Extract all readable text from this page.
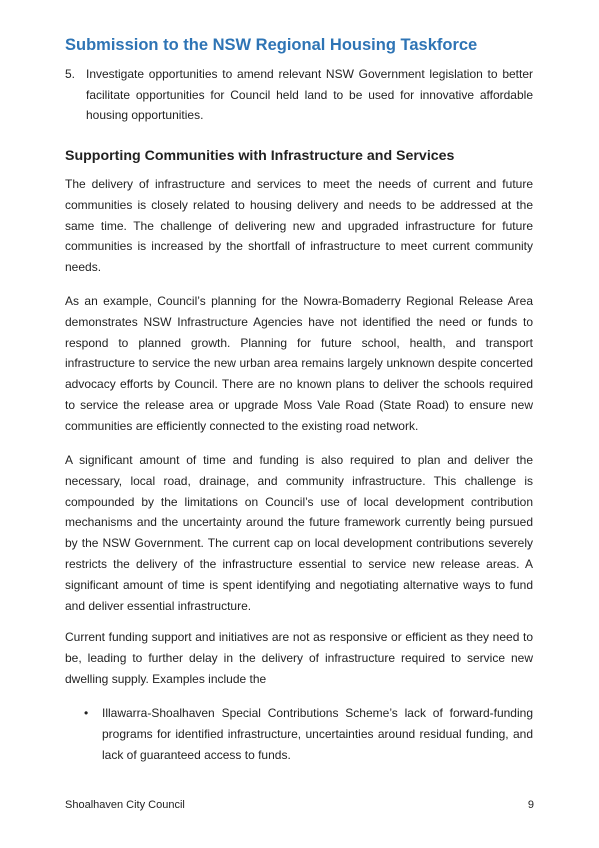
Submission to the NSW Regional Housing Taskforce
5. Investigate opportunities to amend relevant NSW Government legislation to better facilitate opportunities for Council held land to be used for innovative affordable housing opportunities.
Supporting Communities with Infrastructure and Services
The delivery of infrastructure and services to meet the needs of current and future communities is closely related to housing delivery and needs to be addressed at the same time. The challenge of delivering new and upgraded infrastructure for future communities is increased by the shortfall of infrastructure to meet current community needs.
As an example, Council’s planning for the Nowra-Bomaderry Regional Release Area demonstrates NSW Infrastructure Agencies have not identified the need or funds to respond to planned growth. Planning for future school, health, and transport infrastructure to service the new urban area remains largely unknown despite concerted advocacy efforts by Council. There are no known plans to deliver the schools required to service the release area or upgrade Moss Vale Road (State Road) to ensure new communities are efficiently connected to the existing road network.
A significant amount of time and funding is also required to plan and deliver the necessary, local road, drainage, and community infrastructure. This challenge is compounded by the limitations on Council’s use of local development contribution mechanisms and the uncertainty around the future framework currently being pursued by the NSW Government. The current cap on local development contributions severely restricts the delivery of the infrastructure essential to service new release areas. A significant amount of time is spent identifying and negotiating alternative ways to fund and deliver essential infrastructure.
Current funding support and initiatives are not as responsive or efficient as they need to be, leading to further delay in the delivery of infrastructure required to service new dwelling supply. Examples include the
• Illawarra-Shoalhaven Special Contributions Scheme’s lack of forward-funding programs for identified infrastructure, uncertainties around residual funding, and lack of guaranteed access to funds.
Shoalhaven City Council	9
